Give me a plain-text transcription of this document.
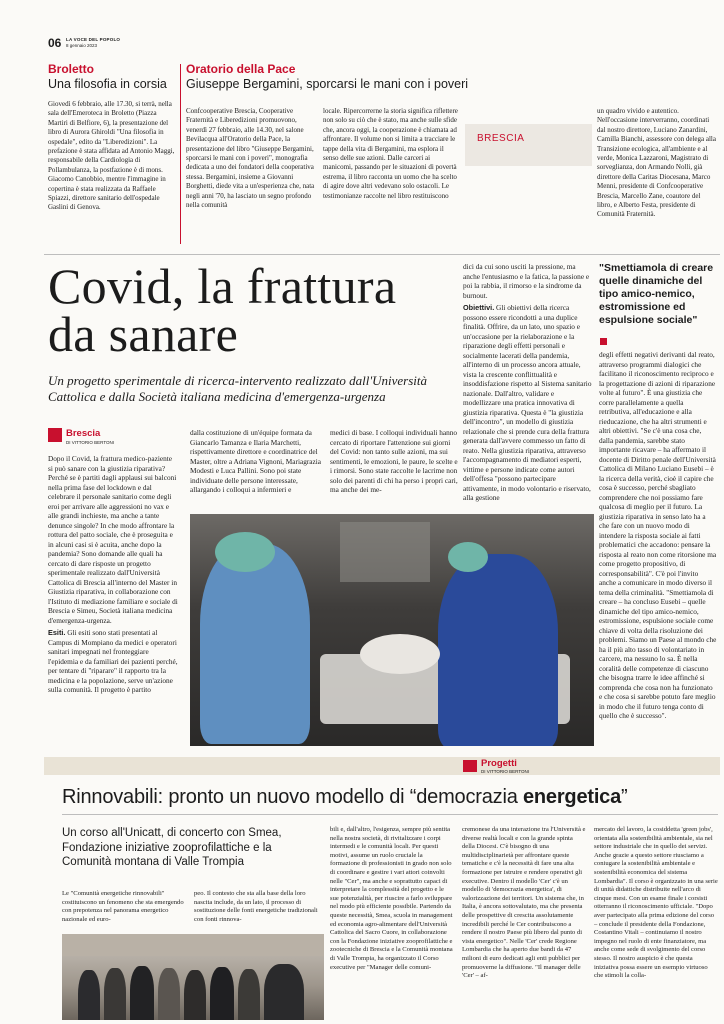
06 LA VOCE DEL POPOLO
8 gennaio 2023
Broletto
Una filosofia in corsia
Giovedì 6 febbraio, alle 17.30, si terrà, nella sala dell'Emeroteca in Broletto (Piazza Martiri di Belfiore, 6), la presentazione del libro di Aurora Ghiroldi "Una filosofia in ospedale", edito da "Liberedizioni". La prefazione è stata affidata ad Antonio Maggi, responsabile della Cardiologia di Pollambulanza, la postfazione è di mons. Giacomo Canobbio, mentre l'immagine in copertina è stata realizzata da Raffaele Spiazzi, direttore sanitario dell'ospedale Gaslini di Genova.
Oratorio della Pace
Giuseppe Bergamini, sporcarsi le mani con i poveri
Confcooperative Brescia, Cooperative Fraternità e Liberedizioni promuovono, venerdì 27 febbraio, alle 14.30, nel salone Bevilacqua all'Oratorio della Pace, la presentazione del libro "Giuseppe Bergamini, sporcarsi le mani con i poveri", monografia dedicata a uno dei fondatori della cooperativa stessa. Bergamini, insieme a Giovanni Borghetti, diede vita a un'esperienza che, nata negli anni '70, ha lasciato un segno profondo nella comunità
locale. Ripercorrerne la storia significa riflettere non solo su ciò che è stato, ma anche sulle sfide che, ancora oggi, la cooperazione è chiamata ad affrontare. Il volume non si limita a tracciare le tappe della vita di Bergamini, ma esplora il senso delle sue azioni. Dalle carceri ai manicomi, passando per le situazioni di povertà estrema, il libro racconta un uomo che ha scelto di agire dove altri vedevano solo ostacoli. Le testimonianze raccolte nel libro restituiscono
BRESCIA
un quadro vivido e autentico. Nell'occasione interverranno, coordinati dal nostro direttore, Luciano Zanardini, Camilla Bianchi, assessore con delega alla Transizione ecologica, all'ambiente e al verde, Monica Lazzaroni, Magistrato di sorveglianza, don Armando Nolli, già direttore della Caritas Diocesana, Marco Menni, presidente di Confcooperative Brescia, Marcello Zane, coautore del libro, e Alberto Festa, presidente di Comunità Fraternità.
Covid, la frattura
da sanare
Un progetto sperimentale di ricerca-intervento realizzato dall'Università Cattolica e dalla Società italiana medicina d'emergenza-urgenza
Brescia
DI VITTORIO BERTONI

Dopo il Covid, la frattura medico-paziente si può sanare con la giustizia riparativa? Perché se è partiti dagli applausi sui balconi nella prima fase del lockdown e dal celebrare il personale sanitario come degli eroi per arrivare alle aggressioni no vax e alle grandi inchieste, ma anche a tante denunce singole? In che modo affrontare la rottura del patto sociale, che è proseguita e in alcuni casi si è acuita, anche dopo la pandemia? Sono domande alle quali ha cercato di dare risposte un progetto sperimentale realizzato dall'Università Cattolica di Brescia all'interno del Master in Giustizia riparativa, in collaborazione con l'Istituto di mediazione familiare e sociale di Brescia e Simeu, Società italiana medicina d'emergenza-urgenza.

Esiti. Gli esiti sono stati presentati al Campus di Mompiano da medici e operatori sanitari impegnati nel fronteggiare l'epidemia e da familiari dei pazienti perché, per tentare di "riparare" il rapporto tra la medicina e la popolazione, serve un'azione sulla comunità. Il progetto è partito

dalla costituzione di un'équipe formata da Giancarlo Tamanza e Ilaria Marchetti, rispettivamente direttore e coordinatrice del Master, oltre a Adriana Vignoni, Mariagrazia Modesti e Luca Pallini. Sono poi state individuate delle persone interessate, allargando i colloqui a infermieri e
medici di base. I colloqui individuali hanno cercato di riportare l'attenzione sui giorni del Covid: non tanto sulle azioni, ma sui sentimenti, le emozioni, le paure, le scelte e i rimorsi. Sono state raccolte le lacrime non solo dei parenti di chi ha perso i propri cari, ma anche dei me-

dici da cui sono usciti la pressione, ma anche l'entusiasmo e la fatica, la passione e poi la rabbia, il rimorso e la sindrome da burnout.

Obiettivi. Gli obiettivi della ricerca possono essere ricondotti a una duplice finalità. Offrire, da un lato, uno spazio e un'occasione per la rielaborazione e la riparazione degli effetti personali e socialmente lacerati della pandemia, all'interno di un processo ancora attuale, vista la crescente conflittualità e insoddisfazione rispetto al Sistema sanitario nazionale. Dall'altro, validare e modellizzare una pratica innovativa di giustizia riparativa. Questa è "la giustizia dell'incontro", un modello di giustizia relazionale che si prende cura della frattura generata dall'avvere commesso un fatto di reato. Nella giustizia riparativa, attraverso l'accompagnamento di mediatori esperti, vittime e persone indicate come autori dell'offesa "possono partecipare attivamente, in modo volontario e riservato, alla gestione

"Smettiamola di creare quelle dinamiche del tipo amico-nemico, estromissione ed espulsione sociale"
degli effetti negativi derivanti dal reato, attraverso programmi dialogici che facilitano il riconoscimento reciproco e la progettazione di azioni di riparazione volte al futuro". È una giustizia che corre parallelamente a quella retributiva, all'educazione e alla rieducazione, che ha altri strumenti e altri obiettivi. "Se c'è una cosa che, dalla pandemia, sarebbe stato importante ricavare – ha affermato il docente di Diritto penale dell'Università Cattolica di Milano Luciano Eusebi – è la ricerca della verità, cioè il capire che cosa è successo, perché sbagliato comprendere che noi possiamo fare qualcosa di meglio per il futuro. La giustizia riparativa in senso lato ha a che fare con un nuovo modo di intendere la risposta sociale ai fatti problematici che accadono: pensare la risposta al reato non come ritorsione ma come progetto propositivo, di corresponsabilità". C'è poi l'invito anche a comunicare in modo diverso il tema della criminalità. "Smettiamola di creare – ha concluso Eusebi – quelle dinamiche del tipo amico-nemico, estromissione, espulsione sociale come chiave di volta della risoluzione dei problemi. Siamo un Paese al mondo che ha il più alto tasso di volontariato in carcere, ma nessuno lo sa. È nella coralità delle competenze di ciascuno che bisogna trarre le idee affinché si comprenda che cosa non ha funzionato e che cosa si sarebbe potuto fare meglio in modo che il futuro tenga conto di quello che è successo".
Progetti
DI VITTORIO BERTONI
Rinnovabili: pronto un nuovo modello di “democrazia energetica”
Un corso all'Unicatt, di concerto con Smea, Fondazione iniziative zooprofilattiche e la Comunità montana di Valle Trompia
Le "Comunità energetiche rinnovabili" costituiscono un fenomeno che sta emergendo con prepotenza nel panorama energetico nazionale ed euro-
peo. Il contesto che sta alla base della loro nascita include, da un lato, il processo di sostituzione delle fonti energetiche tradizionali con fonti rinnova-
bili e, dall'altro, l'esigenza, sempre più sentita nella nostra società, di rivitalizzare i corpi intermedi e le comunità locali. Per questi motivi, assume un ruolo cruciale la formazione di professionisti in grado non solo di coordinare e gestire i vari attori coinvolti nelle "Cer", ma anche e soprattutto capaci di interpretare la complessità del progetto e le sue potenzialità, per riuscire a farlo sviluppare nel modo più efficiente possibile. Partendo da queste necessità, Smea, scuola in management ed economia agro-alimentare dell'Università Cattolica del Sacro Cuore, in collaborazione con la Fondazione iniziative zooprofilattiche e zootecniche di Brescia e la Comunità montana di Valle Trompia, ha organizzato il Corso executive per "Manager delle comuni-
cremonese da una interazione tra l'Università e diverse realtà locali e con la grande spinta della Diocesi. C'è bisogno di una multidisciplinarietà per affrontare queste tematiche e c'è la necessità di fare una alta formazione per istruire e rendere operativi gli executive. Dentro il modello 'Cer' c'è un modello di 'democrazia energetica', di valorizzazione dei territori. Un sistema che, in Italia, è ancora sottovalutato, ma che presenta delle prospettive di crescita assolutamente incredibili perché le Cer contribuiscono a rendere il nostro Paese più libero dal punto di vista energetico". Nelle 'Cer' crede Regione Lombardia che ha aperto due bandi da 47 milioni di euro dedicati agli enti pubblici per promuoverne la diffusione. "Il manager delle 'Cer' – af-
mercato del lavoro, la cosiddetta 'green jobs', orientata alla sostenibilità ambientale, sia nel settore industriale che in quello dei servizi. Anche grazie a questo settore riusciamo a coniugare la sostenibilità ambientale e sostenibilità economica del sistema Lombardia". Il corso è organizzato in una serie di unità didattiche distribuite nell'arco di cinque mesi. Con un esame finale i corsisti otterranno il riconoscimento ufficiale. "Dopo aver partecipato alla prima edizione del corso – conclude il presidente della Fondazione, Costantino Vitali – continuiamo il nostro impegno nel ruolo di ente finanziatore, ma anche come sede di svolgimento del corso stesso. Il nostro auspicio è che questa iniziativa possa essere un esempio virtuoso che stimoli la colla-
